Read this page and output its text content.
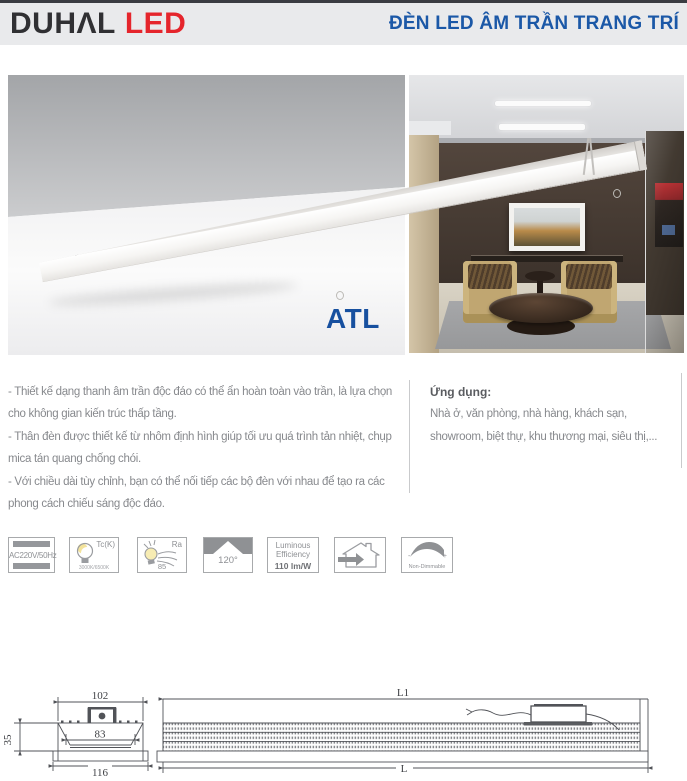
DUHΛL LED	ĐÈN LED ÂM TRẦN TRANG TRÍ
ATL

- Thiết kế dạng thanh âm trần độc đáo có thể ẩn hoàn toàn vào trần, là lựa chọn cho không gian kiến trúc thấp tầng.

- Thân đèn được thiết kế từ nhôm định hình giúp tối ưu quá trình tản nhiệt, chụp mica tán quang chống chói.

- Với chiều dài tùy chỉnh, bạn có thể nối tiếp các bộ đèn với nhau để tạo ra các phong cách chiếu sáng độc đáo.

Ứng dụng:
Nhà ở, văn phòng, nhà hàng, khách sạn, showroom, biệt thự, khu thương mại, siêu thị,...
AC220V/50Hz
3000K/6500K
Tc(K)	Ra
85
120°
Luminous
Efficiency
110 lm/W
-	+
Non-Dimmable
102
83
116
35
L1
L
